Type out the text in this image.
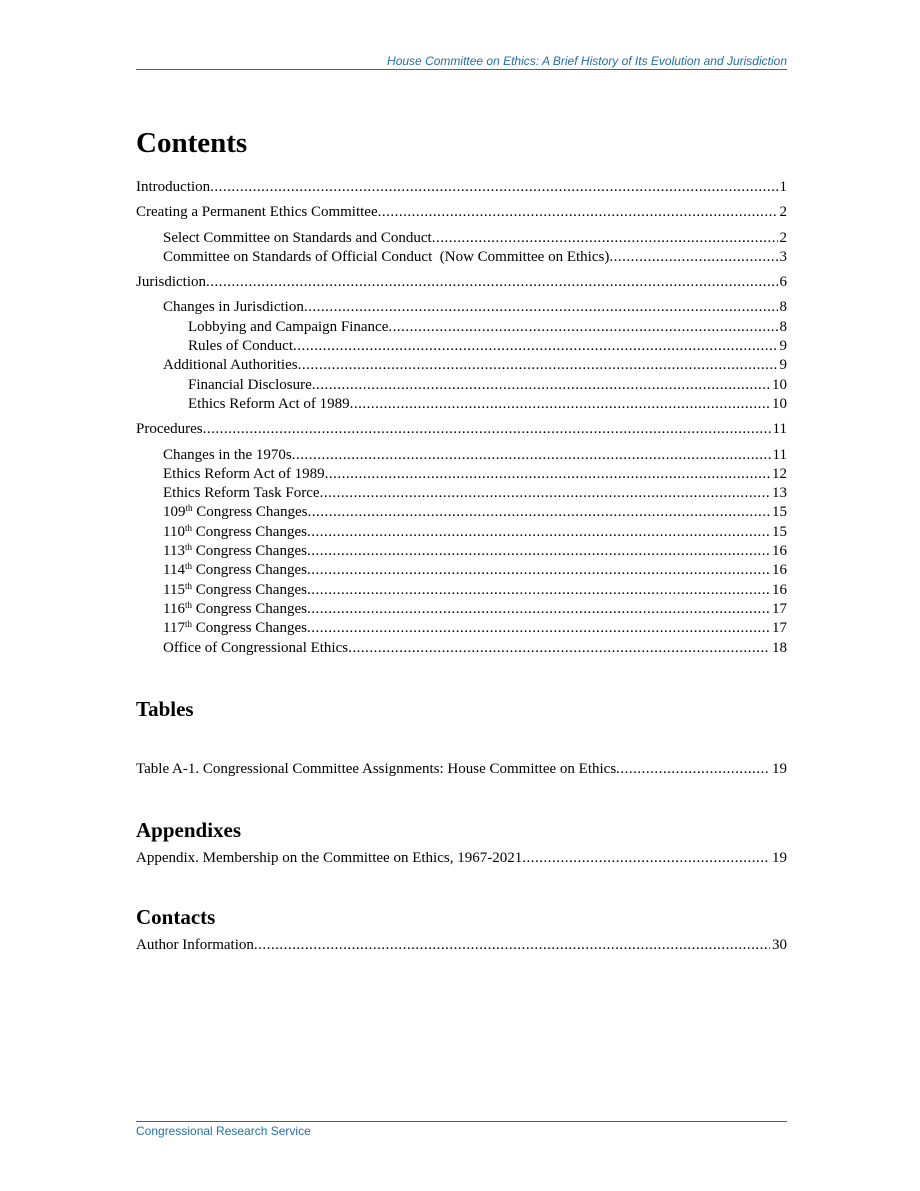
House Committee on Ethics: A Brief History of Its Evolution and Jurisdiction
Contents
Introduction .....	1
Creating a Permanent Ethics Committee .....	2
Select Committee on Standards and Conduct .....	2
Committee on Standards of Official Conduct  (Now Committee on Ethics) .....	3
Jurisdiction .....	6
Changes in Jurisdiction .....	8
Lobbying and Campaign Finance .....	8
Rules of Conduct .....	9
Additional Authorities .....	9
Financial Disclosure .....	10
Ethics Reform Act of 1989 .....	10
Procedures .....	11
Changes in the 1970s .....	11
Ethics Reform Act of 1989 .....	12
Ethics Reform Task Force .....	13
109th Congress Changes .....	15
110th Congress Changes .....	15
113th Congress Changes .....	16
114th Congress Changes .....	16
115th Congress Changes .....	16
116th Congress Changes .....	17
117th Congress Changes .....	17
Office of Congressional Ethics .....	18
Tables
Table A-1. Congressional Committee Assignments: House Committee on Ethics .....	19
Appendixes
Appendix. Membership on the Committee on Ethics, 1967-2021 .....	19
Contacts
Author Information .....	30
Congressional Research Service
